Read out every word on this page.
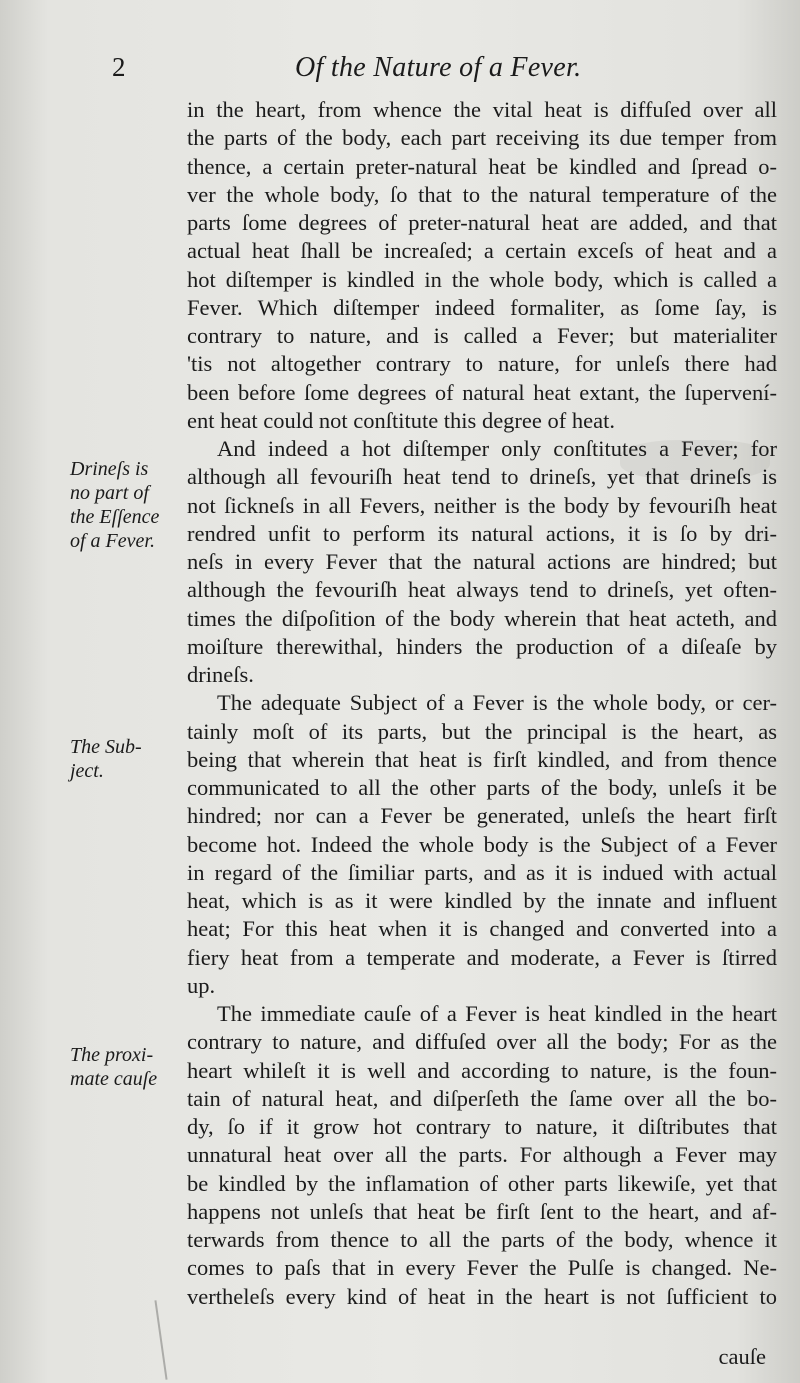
2	Of the Nature of a Fever.
in the heart, from whence the vital heat is diffuſed over all
the parts of the body, each part receiving its due temper from
thence, a certain preter-natural heat be kindled and ſpread o-
ver the whole body, ſo that to the natural temperature of the
parts ſome degrees of preter-natural heat are added, and that
actual heat ſhall be increaſed; a certain exceſs of heat and a
hot diſtemper is kindled in the whole body, which is called a
Fever. Which diſtemper indeed formaliter, as ſome ſay, is
contrary to nature, and is called a Fever; but materialiter
'tis not altogether contrary to nature, for unleſs there had
been before ſome degrees of natural heat extant, the ſupervení-
ent heat could not conſtitute this degree of heat.
And indeed a hot diſtemper only conſtitutes a Fever; for
although all fevouriſh heat tend to drineſs, yet that drineſs is
not ſickneſs in all Fevers, neither is the body by fevouriſh heat
rendred unfit to perform its natural actions, it is ſo by dri-
neſs in every Fever that the natural actions are hindred; but
although the fevouriſh heat always tend to drineſs, yet often-
times the diſpoſition of the body wherein that heat acteth, and
moiſture therewithal, hinders the production of a diſeaſe by
drineſs.
The adequate Subject of a Fever is the whole body, or cer-
tainly moſt of its parts, but the principal is the heart, as
being that wherein that heat is firſt kindled, and from thence
communicated to all the other parts of the body, unleſs it be
hindred; nor can a Fever be generated, unleſs the heart firſt
become hot. Indeed the whole body is the Subject of a Fever
in regard of the ſimiliar parts, and as it is indued with actual
heat, which is as it were kindled by the innate and influent
heat; For this heat when it is changed and converted into a
fiery heat from a temperate and moderate, a Fever is ſtirred
up.
The immediate cauſe of a Fever is heat kindled in the heart
contrary to nature, and diffuſed over all the body; For as the
heart whileſt it is well and according to nature, is the foun-
tain of natural heat, and diſperſeth the ſame over all the bo-
dy, ſo if it grow hot contrary to nature, it diſtributes that
unnatural heat over all the parts. For although a Fever may
be kindled by the inflamation of other parts likewiſe, yet that
happens not unleſs that heat be firſt ſent to the heart, and af-
terwards from thence to all the parts of the body, whence it
comes to paſs that in every Fever the Pulſe is changed. Ne-
vertheleſs every kind of heat in the heart is not ſufficient to
Drineſs is
no part of
the Eſſence
of a Fever.
The Sub-
ject.
The proxi-
mate cauſe
cauſe
